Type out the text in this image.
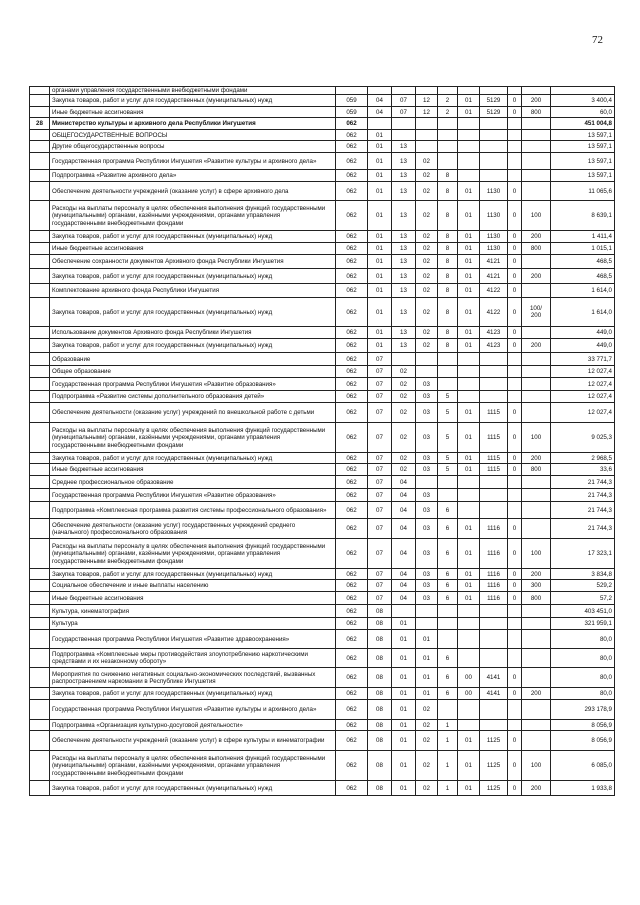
72
	органами управления государственными внебюджетными фондами										
	Закупка товаров, работ и услуг для государственных (муниципальных) нужд	059	04	07	12	2	01	5129	0	200	3 400,4
	Иные бюджетные ассигнования	059	04	07	12	2	01	5129	0	800	60,0
28	Министерство культуры и архивного дела Республики Ингушетия	062									451 004,8
	ОБЩЕГОСУДАРСТВЕННЫЕ ВОПРОСЫ	062	01								13 597,1
	Другие общегосударственные вопросы	062	01	13							13 597,1
	Государственная программа Республики Ингушетия «Развитие культуры и архивного дела»	062	01	13	02						13 597,1
	Подпрограмма «Развитие архивного дела»	062	01	13	02	8					13 597,1
	Обеспечение деятельности учреждений (оказание услуг) в сфере архивного дела	062	01	13	02	8	01	1130	0		11 065,6
	Расходы на выплаты персоналу в целях обеспечения выполнения функций государственными (муниципальными) органами, казёнными учреждениями, органами управления государственными внебюджетными фондами	062	01	13	02	8	01	1130	0	100	8 639,1
	Закупка товаров, работ и услуг для государственных (муниципальных) нужд	062	01	13	02	8	01	1130	0	200	1 411,4
	Иные бюджетные ассигнования	062	01	13	02	8	01	1130	0	800	1 015,1
	Обеспечение сохранности документов Архивного фонда Республики Ингушетия	062	01	13	02	8	01	4121	0		468,5
	Закупка товаров, работ и услуг для государственных (муниципальных) нужд	062	01	13	02	8	01	4121	0	200	468,5
	Комплектование архивного фонда Республики Ингушетия	062	01	13	02	8	01	4122	0		1 614,0
	Закупка товаров, работ и услуг для государственных (муниципальных) нужд	062	01	13	02	8	01	4122	0	100/ 200	1 614,0
	Использование документов Архивного фонда Республики Ингушетия	062	01	13	02	8	01	4123	0		449,0
	Закупка товаров, работ и услуг для государственных (муниципальных) нужд	062	01	13	02	8	01	4123	0	200	449,0
	Образование	062	07								33 771,7
	Общее образование	062	07	02							12 027,4
	Государственная программа Республики Ингушетия «Развитие образования»	062	07	02	03						12 027,4
	Подпрограмма «Развитие системы дополнительного образования детей»	062	07	02	03	5					12 027,4
	Обеспечение деятельности (оказание услуг) учреждений по внешкольной работе с детьми	062	07	02	03	5	01	1115	0		12 027,4
	Расходы на выплаты персоналу в целях обеспечения выполнения функций государственными (муниципальными) органами, казёнными учреждениями, органами управления государственными внебюджетными фондами	062	07	02	03	5	01	1115	0	100	9 025,3
	Закупка товаров, работ и услуг для государственных (муниципальных) нужд	062	07	02	03	5	01	1115	0	200	2 968,5
	Иные бюджетные ассигнования	062	07	02	03	5	01	1115	0	800	33,6
	Среднее профессиональное образование	062	07	04							21 744,3
	Государственная программа Республики Ингушетия «Развитие образования»	062	07	04	03						21 744,3
	Подпрограмма «Комплексная программа развития системы профессионального образования»	062	07	04	03	6					21 744,3
	Обеспечение деятельности (оказание услуг) государственных учреждений среднего (начального) профессионального образования	062	07	04	03	6	01	1116	0		21 744,3
	Расходы на выплаты персоналу в целях обеспечения выполнения функций государственными (муниципальными) органами, казёнными учреждениями, органами управления государственными внебюджетными фондами	062	07	04	03	6	01	1116	0	100	17 323,1
	Закупка товаров, работ и услуг для государственных (муниципальных) нужд	062	07	04	03	6	01	1116	0	200	3 834,8
	Социальное обеспечение и иные выплаты населению	062	07	04	03	6	01	1116	0	300	529,2
	Иные бюджетные ассигнования	062	07	04	03	6	01	1116	0	800	57,2
	Культура, кинематография	062	08								403 451,0
	Культура	062	08	01							321 959,1
	Государственная программа Республики Ингушетия «Развитие здравоохранения»	062	08	01	01						80,0
	Подпрограмма «Комплексные меры противодействия злоупотреблению наркотическими средствами и их незаконному обороту»	062	08	01	01	6					80,0
	Мероприятия по снижению негативных социально-экономических последствий, вызванных распространением наркомании в Республике Ингушетия	062	08	01	01	6	00	4141	0		80,0
	Закупка товаров, работ и услуг для государственных (муниципальных) нужд	062	08	01	01	6	00	4141	0	200	80,0
	Государственная программа Республики Ингушетия «Развитие культуры и архивного дела»	062	08	01	02						293 178,9
	Подпрограмма «Организация культурно-досуговой деятельности»	062	08	01	02	1					8 056,9
	Обеспечение деятельности учреждений (оказание услуг) в сфере культуры и кинематографии	062	08	01	02	1	01	1125	0		8 056,9
	Расходы на выплаты персоналу в целях обеспечения выполнения функций государственными (муниципальными) органами, казёнными учреждениями, органами управления государственными внебюджетными фондами	062	08	01	02	1	01	1125	0	100	6 085,0
	Закупка товаров, работ и услуг для государственных (муниципальных) нужд	062	08	01	02	1	01	1125	0	200	1 933,8
